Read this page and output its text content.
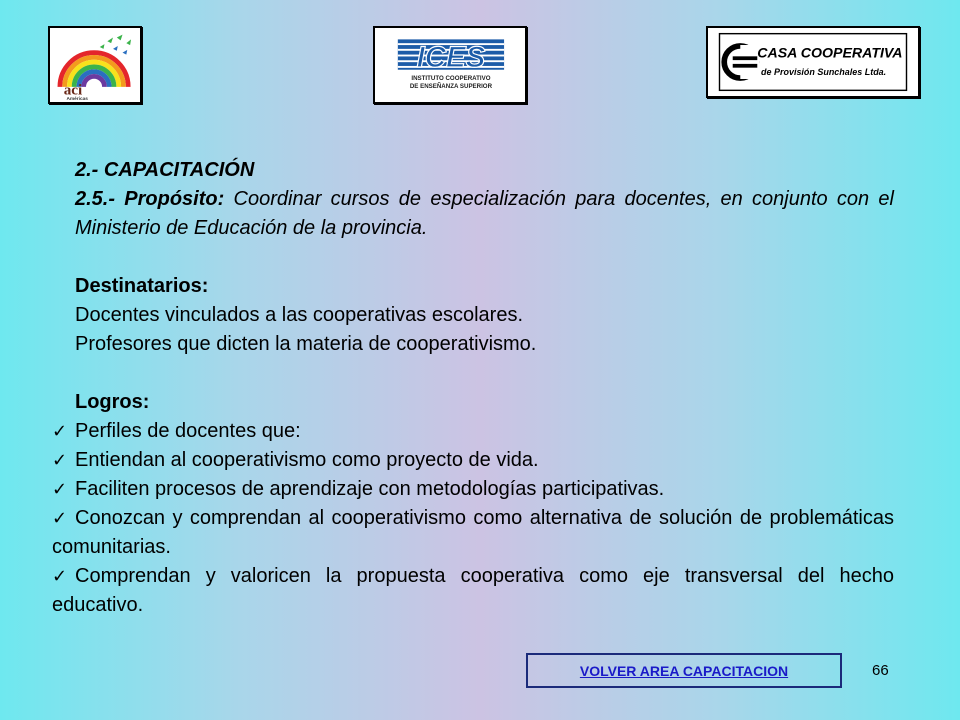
aci
Américas
ICES
INSTITUTO COOPERATIVO
DE ENSEÑANZA SUPERIOR
CASA COOPERATIVA
de Provisión Sunchales Ltda.

2.- CAPACITACIÓN

2.5.- Propósito: Coordinar cursos de especialización para docentes, en conjunto con el Ministerio de Educación de la provincia.

Destinatarios:

Docentes vinculados a las cooperativas escolares.

Profesores que dicten la materia de cooperativismo.

Logros:

✓ Perfiles de docentes que:

✓ Entiendan al cooperativismo como proyecto de vida.

✓ Faciliten procesos de aprendizaje con metodologías participativas.

✓ Conozcan y comprendan al cooperativismo como alternativa de solución de problemáticas comunitarias.

✓ Comprendan y valoricen la propuesta cooperativa como eje transversal del hecho educativo.

VOLVER AREA CAPACITACION	66
